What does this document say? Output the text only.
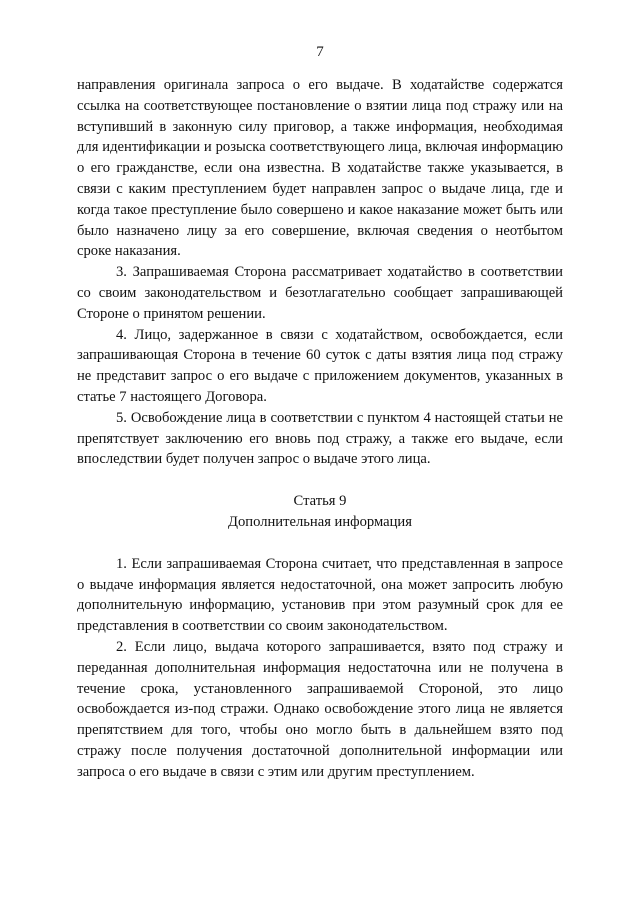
7

направления оригинала запроса о его выдаче. В ходатайстве содержатся ссылка на соответствующее постановление о взятии лица под стражу или на вступивший в законную силу приговор, а также информация, необходимая для идентификации и розыска соответствующего лица, включая информацию о его гражданстве, если она известна. В ходатайстве также указывается, в связи с каким преступлением будет направлен запрос о выдаче лица, где и когда такое преступление было совершено и какое наказание может быть или было назначено лицу за его совершение, включая сведения о неотбытом сроке наказания.

3. Запрашиваемая Сторона рассматривает ходатайство в соответствии со своим законодательством и безотлагательно сообщает запрашивающей Стороне о принятом решении.

4. Лицо, задержанное в связи с ходатайством, освобождается, если запрашивающая Сторона в течение 60 суток с даты взятия лица под стражу не представит запрос о его выдаче с приложением документов, указанных в статье 7 настоящего Договора.

5. Освобождение лица в соответствии с пунктом 4 настоящей статьи не препятствует заключению его вновь под стражу, а также его выдаче, если впоследствии будет получен запрос о выдаче этого лица.

Статья 9
Дополнительная информация

1. Если запрашиваемая Сторона считает, что представленная в запросе о выдаче информация является недостаточной, она может запросить любую дополнительную информацию, установив при этом разумный срок для ее представления в соответствии со своим законодательством.

2. Если лицо, выдача которого запрашивается, взято под стражу и переданная дополнительная информация недостаточна или не получена в течение срока, установленного запрашиваемой Стороной, это лицо освобождается из-под стражи. Однако освобождение этого лица не является препятствием для того, чтобы оно могло быть в дальнейшем взято под стражу после получения достаточной дополнительной информации или запроса о его выдаче в связи с этим или другим преступлением.
